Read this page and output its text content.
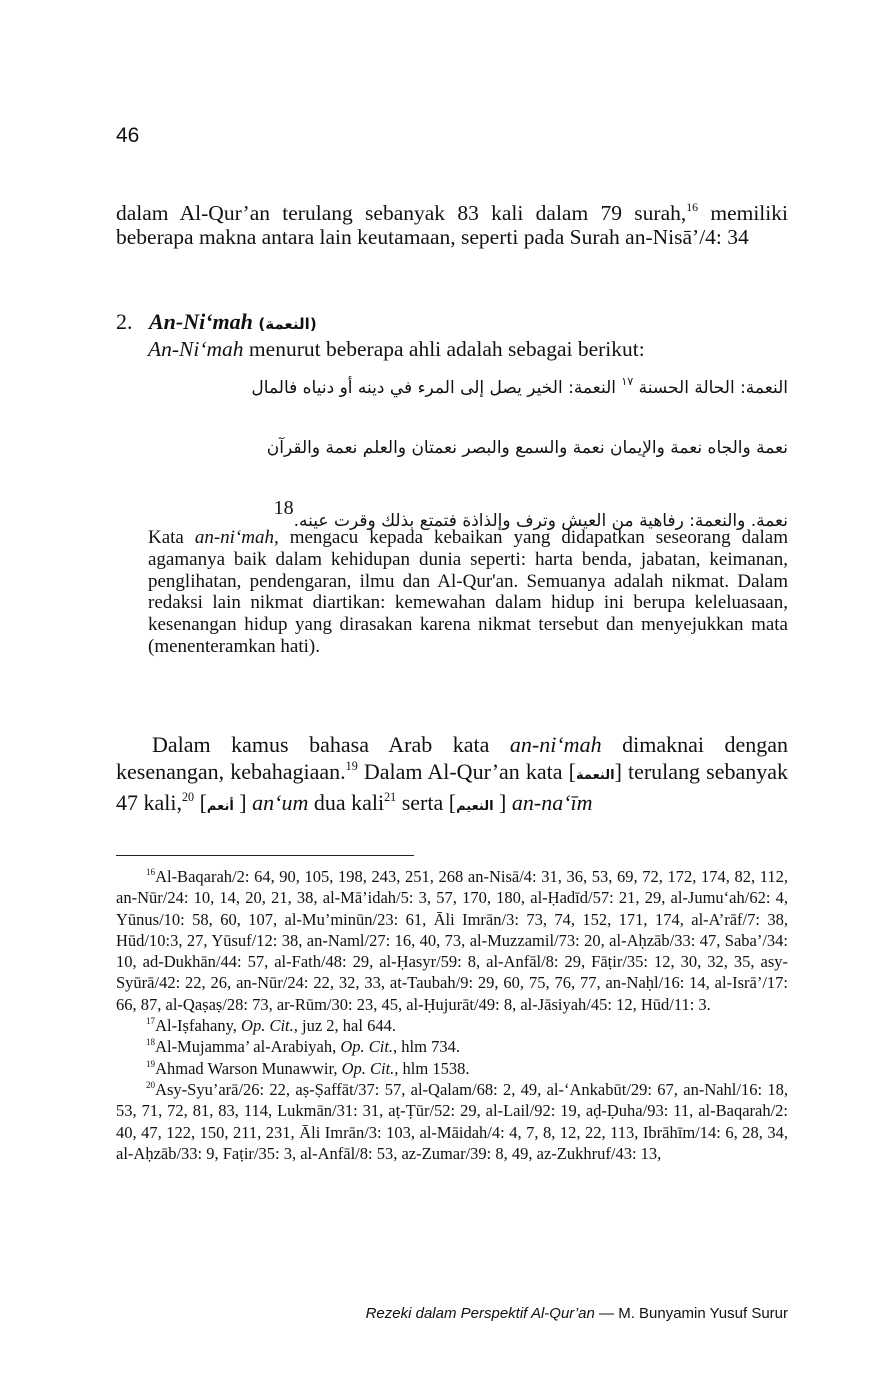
46
dalam Al-Qur’an terulang sebanyak 83 kali dalam 79 surah,$^{16}$ memiliki beberapa makna antara lain keutamaan, seperti pada Surah an-Nisā’/4: 34
2. An-Ni‘mah (النعمة)
An-Ni‘mah menurut beberapa ahli adalah sebagai berikut:
النعمة: الحالة الحسنة $^{١٧}$ النعمة: الخير يصل إلى المرء في دينه أو دنياه فالمال
نعمة والجاه نعمة والإيمان نعمة والسمع والبصر نعمتان والعلم نعمة والقرآن
نعمة. والنعمة: رفاهية من العيش وترف وإلذاذة فتمتع بذلك وقرت عينه.18
Kata an-ni‘mah, mengacu kepada kebaikan yang didapatkan seseorang dalam agamanya baik dalam kehidupan dunia seperti: harta benda, jabatan, keimanan, penglihatan, pendengaran, ilmu dan Al-Qur'an. Semuanya adalah nikmat. Dalam redaksi lain nikmat diartikan: kemewahan dalam hidup ini berupa keleluasaan, kesenangan hidup yang dirasakan karena nikmat tersebut dan menyejukkan mata (menenteramkan hati).
Dalam kamus bahasa Arab kata an-ni‘mah dimaknai dengan kesenangan, kebahagiaan.$^{19}$ Dalam Al-Qur’an kata [النعمة] terulang sebanyak 47 kali,$^{20}$ [أنعم ] an‘um dua kali$^{21}$ serta [النعيم ] an-na‘īm

$^{16}$Al-Baqarah/2: 64, 90, 105, 198, 243, 251, 268 an-Nisā/4: 31, 36, 53, 69, 72, 172, 174, 82, 112, an-Nūr/24: 10, 14, 20, 21, 38, al-Mā’idah/5: 3, 57, 170, 180, al-Ḥadīd/57: 21, 29, al-Jumu‘ah/62: 4, Yūnus/10: 58, 60, 107, al-Mu’minūn/23: 61, Āli Imrān/3: 73, 74, 152, 171, 174, al-A’rāf/7: 38, Hūd/10:3, 27, Yūsuf/12: 38, an-Naml/27: 16, 40, 73, al-Muzzamil/73: 20, al-Aḥzāb/33: 47, Saba’/34: 10, ad-Dukhān/44: 57, al-Fath/48: 29, al-Ḥasyr/59: 8, al-Anfāl/8: 29, Fāṭir/35: 12, 30, 32, 35, asy-Syūrā/42: 22, 26, an-Nūr/24: 22, 32, 33, at-Taubah/9: 29, 60, 75, 76, 77, an-Naḥl/16: 14, al-Isrā’/17: 66, 87, al-Qaṣaṣ/28: 73, ar-Rūm/30: 23, 45, al-Ḥujurāt/49: 8, al-Jāsiyah/45: 12, Hūd/11: 3.

$^{17}$Al-Iṣfahany, Op. Cit., juz 2, hal 644.

$^{18}$Al-Mujamma’ al-Arabiyah, Op. Cit., hlm 734.

$^{19}$Ahmad Warson Munawwir, Op. Cit., hlm 1538.

$^{20}$Asy-Syu’arā/26: 22, aṣ-Ṣaffāt/37: 57, al-Qalam/68: 2, 49, al-‘Ankabūt/29: 67, an-Nahl/16: 18, 53, 71, 72, 81, 83, 114, Lukmān/31: 31, aṭ-Ṭūr/52: 29, al-Lail/92: 19, aḍ-Ḍuha/93: 11, al-Baqarah/2: 40, 47, 122, 150, 211, 231, Āli Imrān/3: 103, al-Māidah/4: 4, 7, 8, 12, 22, 113, Ibrāhīm/14: 6, 28, 34, al-Aḥzāb/33: 9, Faṭir/35: 3, al-Anfāl/8: 53, az-Zumar/39: 8, 49, az-Zukhruf/43: 13,

Rezeki dalam Perspektif Al-Qur’an — M. Bunyamin Yusuf Surur
